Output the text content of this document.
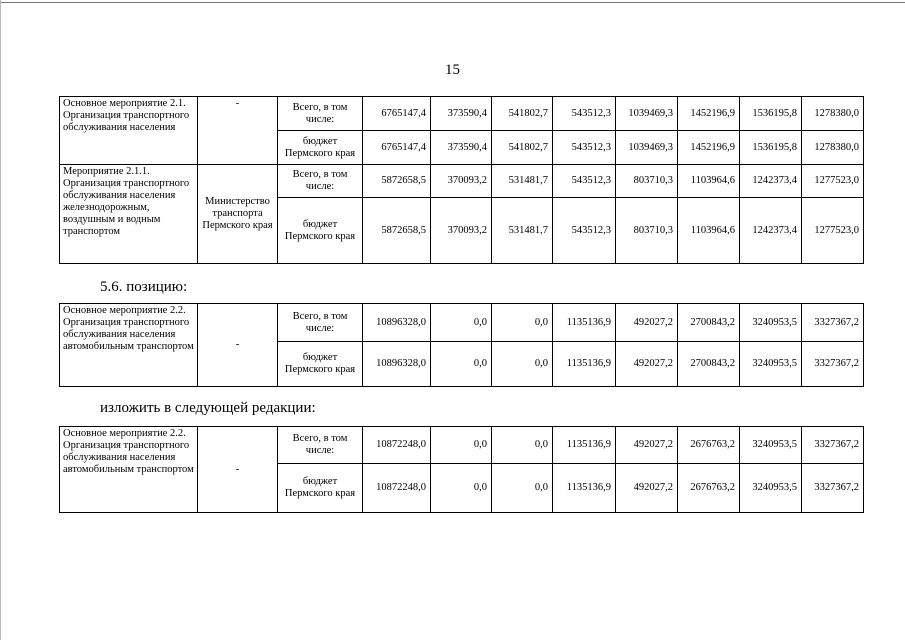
15
Основное мероприятие 2.1. Организация транспортного обслуживания населения	-	Всего, в том числе:	6765147,4	373590,4	541802,7	543512,3	1039469,3	1452196,9	1536195,8	1278380,0
		бюджет Пермского края	6765147,4	373590,4	541802,7	543512,3	1039469,3	1452196,9	1536195,8	1278380,0
Мероприятие 2.1.1. Организация транспортного обслуживания населения железнодорожным, воздушным и водным транспортом	Министерство транспорта Пермского края	Всего, в том числе:	5872658,5	370093,2	531481,7	543512,3	803710,3	1103964,6	1242373,4	1277523,0
		бюджет Пермского края	5872658,5	370093,2	531481,7	543512,3	803710,3	1103964,6	1242373,4	1277523,0
5.6. позицию:
Основное мероприятие 2.2. Организация транспортного обслуживания населения автомобильным транспортом	-	Всего, в том числе:	10896328,0	0,0	0,0	1135136,9	492027,2	2700843,2	3240953,5	3327367,2
		бюджет Пермского края	10896328,0	0,0	0,0	1135136,9	492027,2	2700843,2	3240953,5	3327367,2
изложить в следующей редакции:
Основное мероприятие 2.2. Организация транспортного обслуживания населения автомобильным транспортом	-	Всего, в том числе:	10872248,0	0,0	0,0	1135136,9	492027,2	2676763,2	3240953,5	3327367,2
		бюджет Пермского края	10872248,0	0,0	0,0	1135136,9	492027,2	2676763,2	3240953,5	3327367,2
